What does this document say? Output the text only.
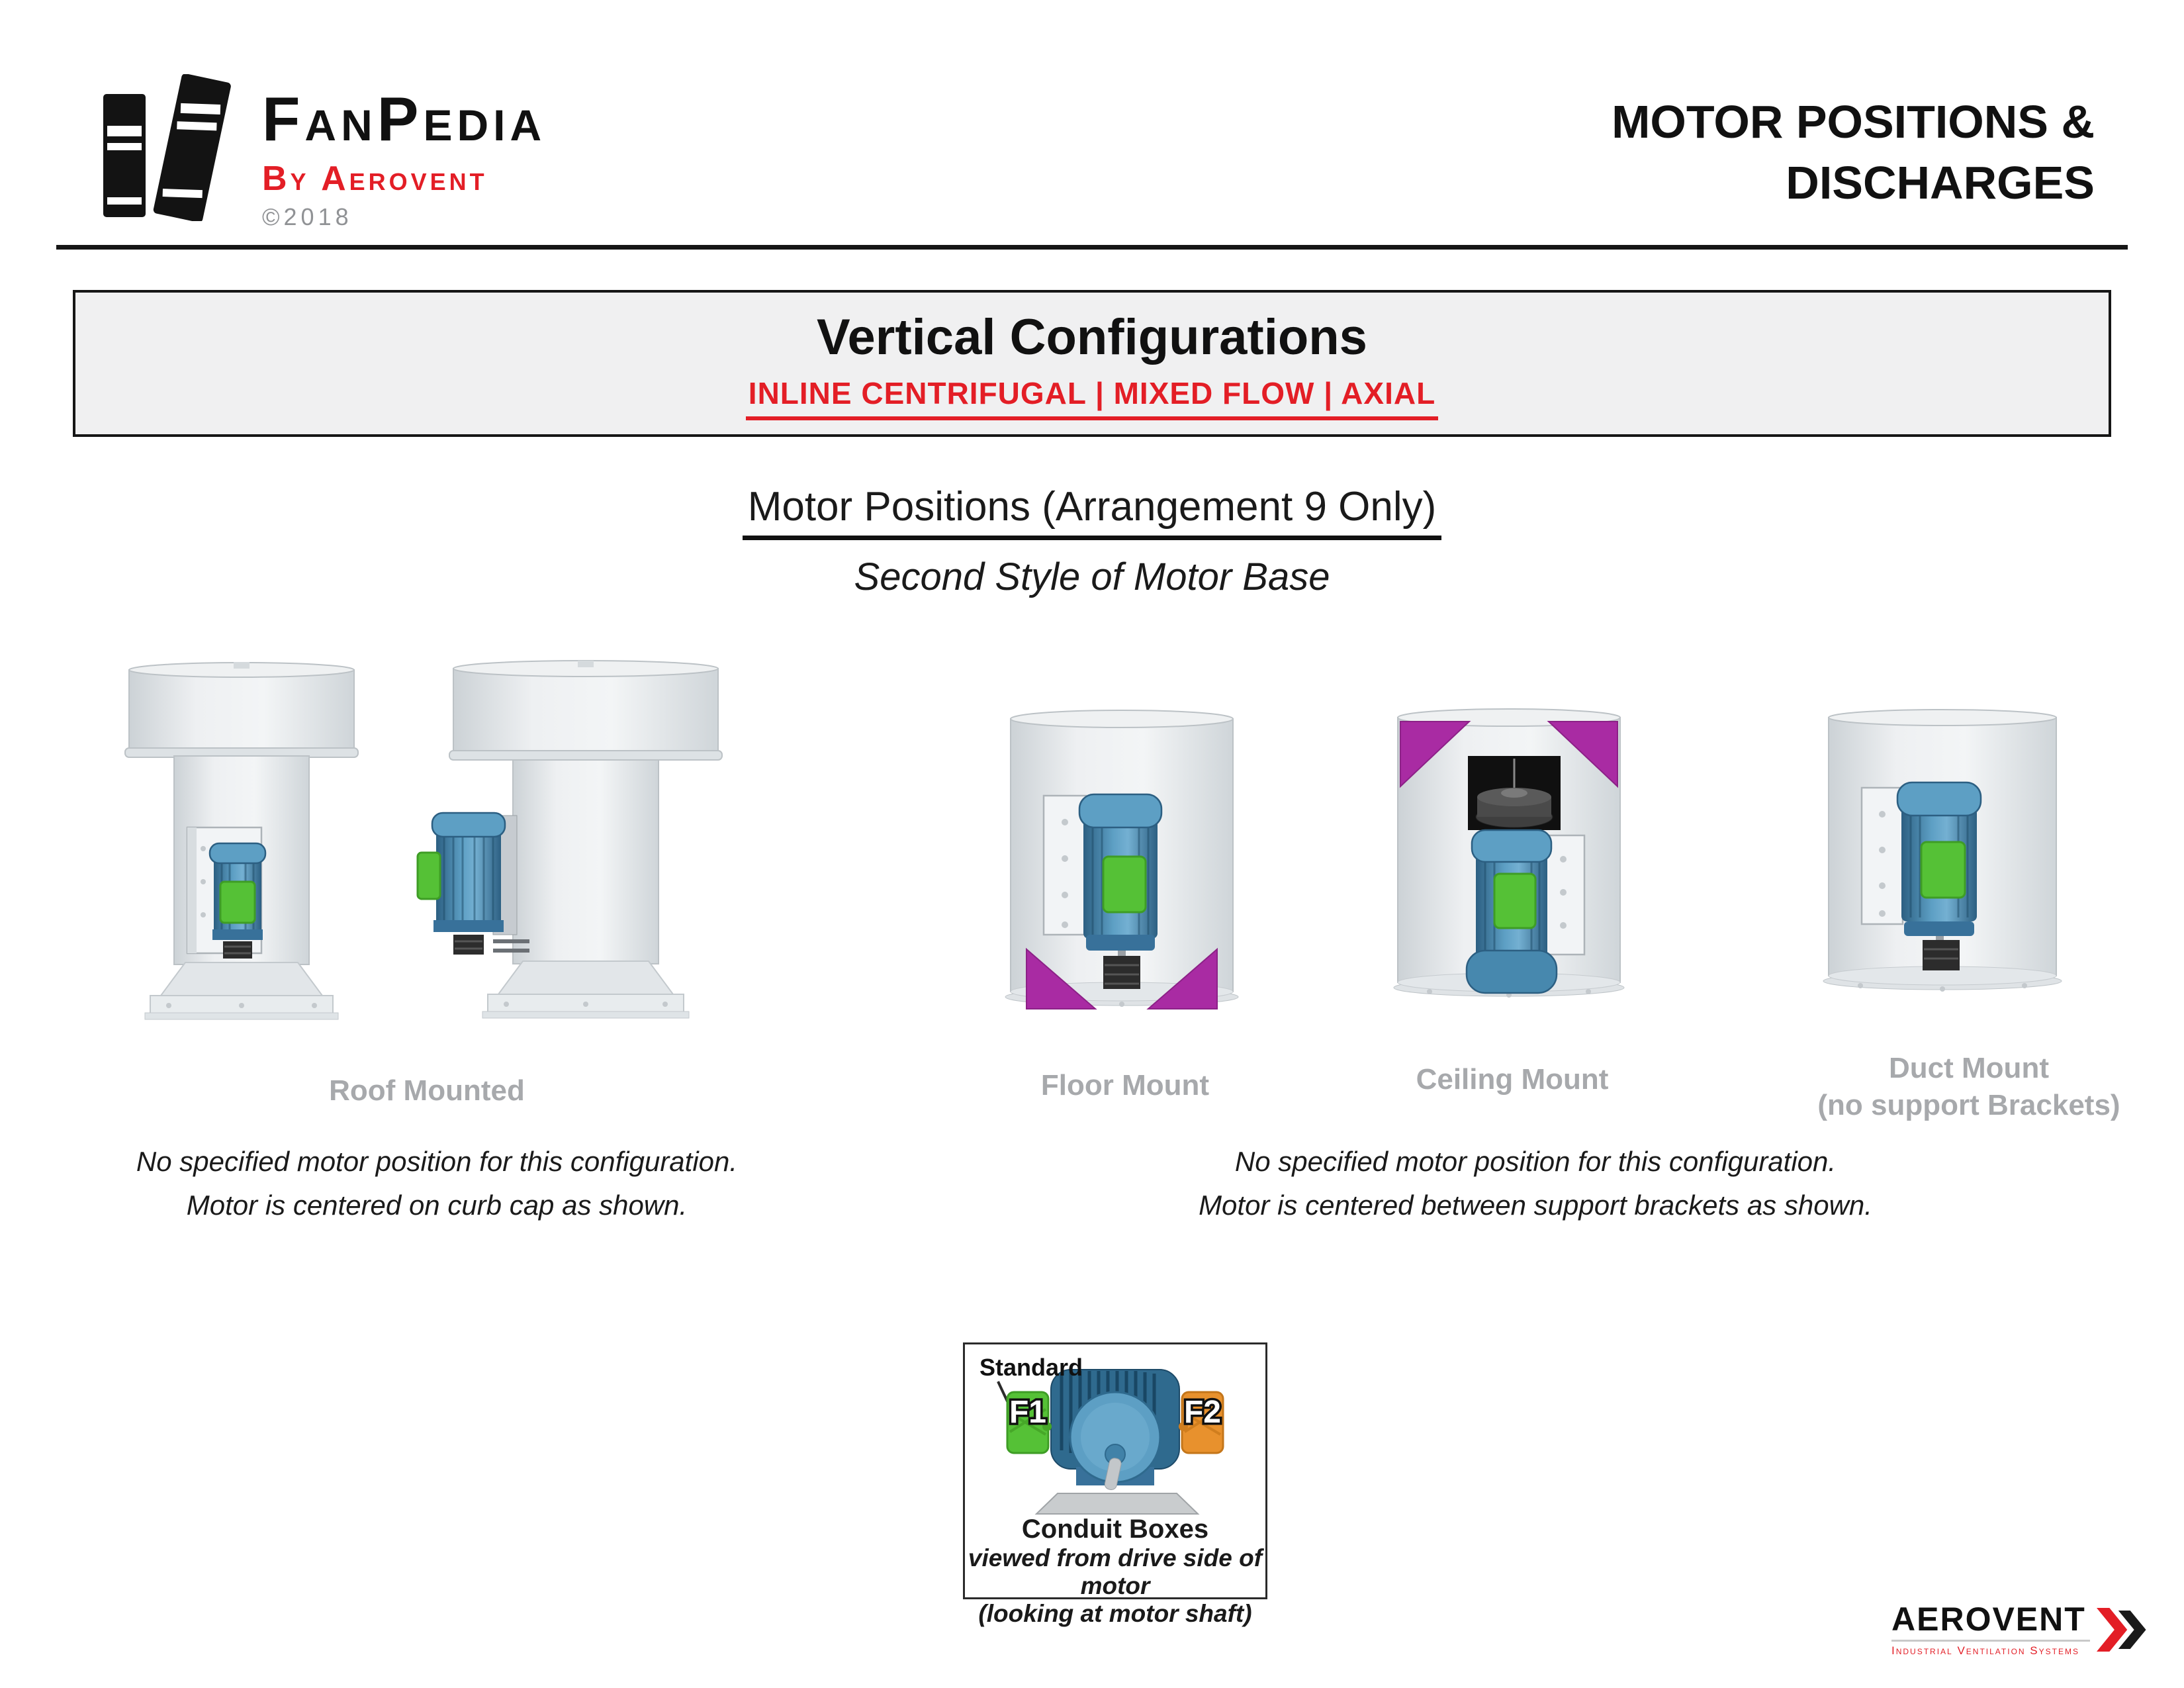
FanPedia
By Aerovent
©2018
MOTOR POSITIONS &
DISCHARGES
Vertical Configurations
INLINE CENTRIFUGAL | MIXED FLOW | AXIAL
Motor Positions (Arrangement 9 Only)
Second Style of Motor Base
Roof Mounted	Floor Mount	Ceiling Mount	Duct Mount
(no support Brackets)
No specified motor position for this configuration.
Motor is centered on curb cap as shown.
No specified motor position for this configuration.
Motor is centered between support brackets as shown.
F1	F2
Standard
Conduit Boxes
viewed from drive side of motor
(looking at motor shaft)	AEROVENT
Industrial Ventilation Systems
